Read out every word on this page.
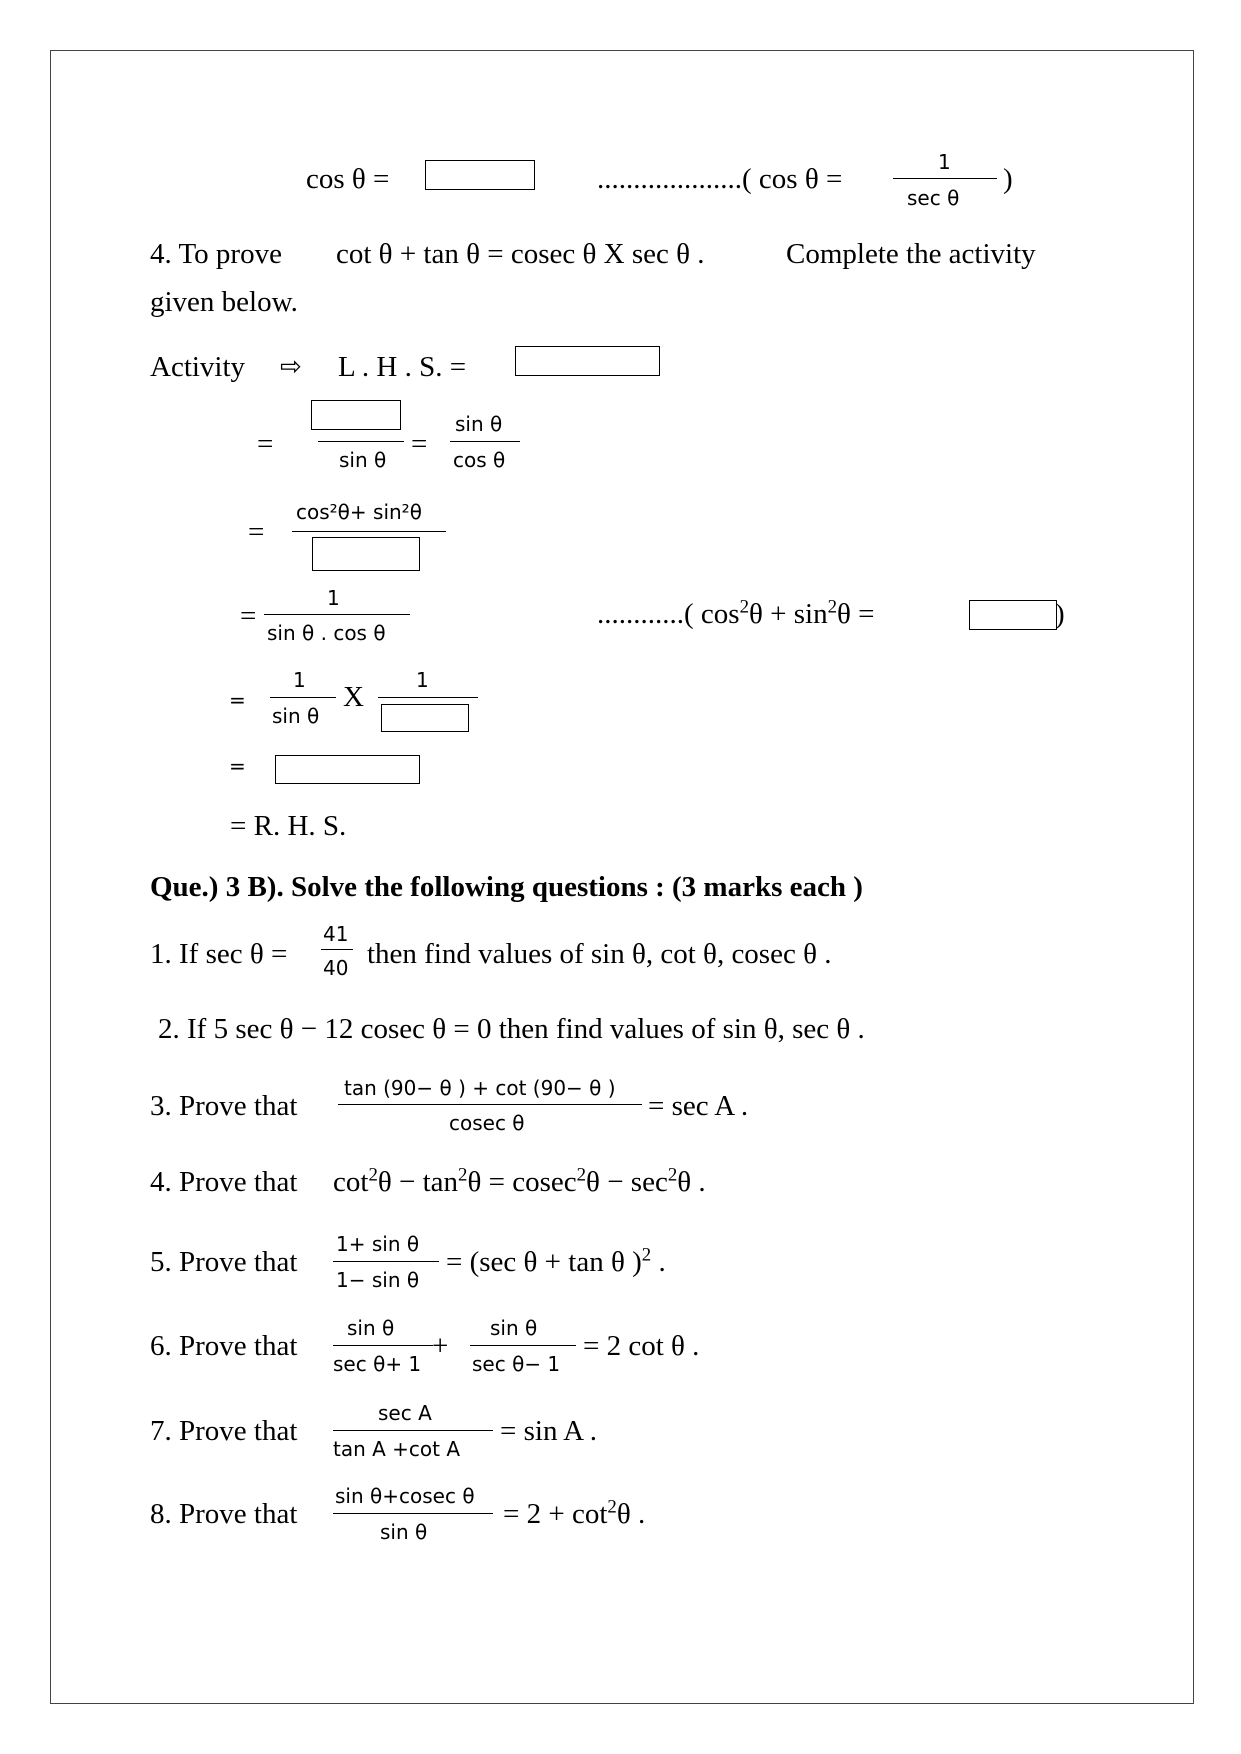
cos θ =	....................( cos θ =
1
sec θ
)
4. To prove cot θ + tan θ = cosec θ X sec θ .	Complete the activity
given below.
Activity ⇨ L . H . S. =
=	sin θ =
sin θ
cos θ
=
cos²θ+ sin²θ
=
1
sin θ . cos θ
............( $\cos^2\theta + \sin^2\theta$ =	)
=
1
sin θ
X
1
=
= R. H. S.
Que.) 3 B). Solve the following questions : (3 marks each )
1. If sec θ =
41
40 then find values of sin θ, cot θ, cosec θ .
2. If 5 sec θ − 12 cosec θ = 0 then find values of sin θ, sec θ .
3. Prove that
tan (90− θ ) + cot (90− θ )
cosec θ
= sec A .
4. Prove that $\cot^2\theta - \tan^2\theta = cosec^2\theta - \sec^2\theta$ .
5. Prove that
1+ sin θ
1− sin θ
= (sec θ + tan θ )$^2$ .
6. Prove that
sin θ
sec θ+ 1
+
sin θ
sec θ− 1
= 2 cot θ .
7. Prove that
sec A
tan A +cot A
= sin A .
8. Prove that
sin θ+cosec θ
sin θ
= $2 + \cot^2\theta$ .
